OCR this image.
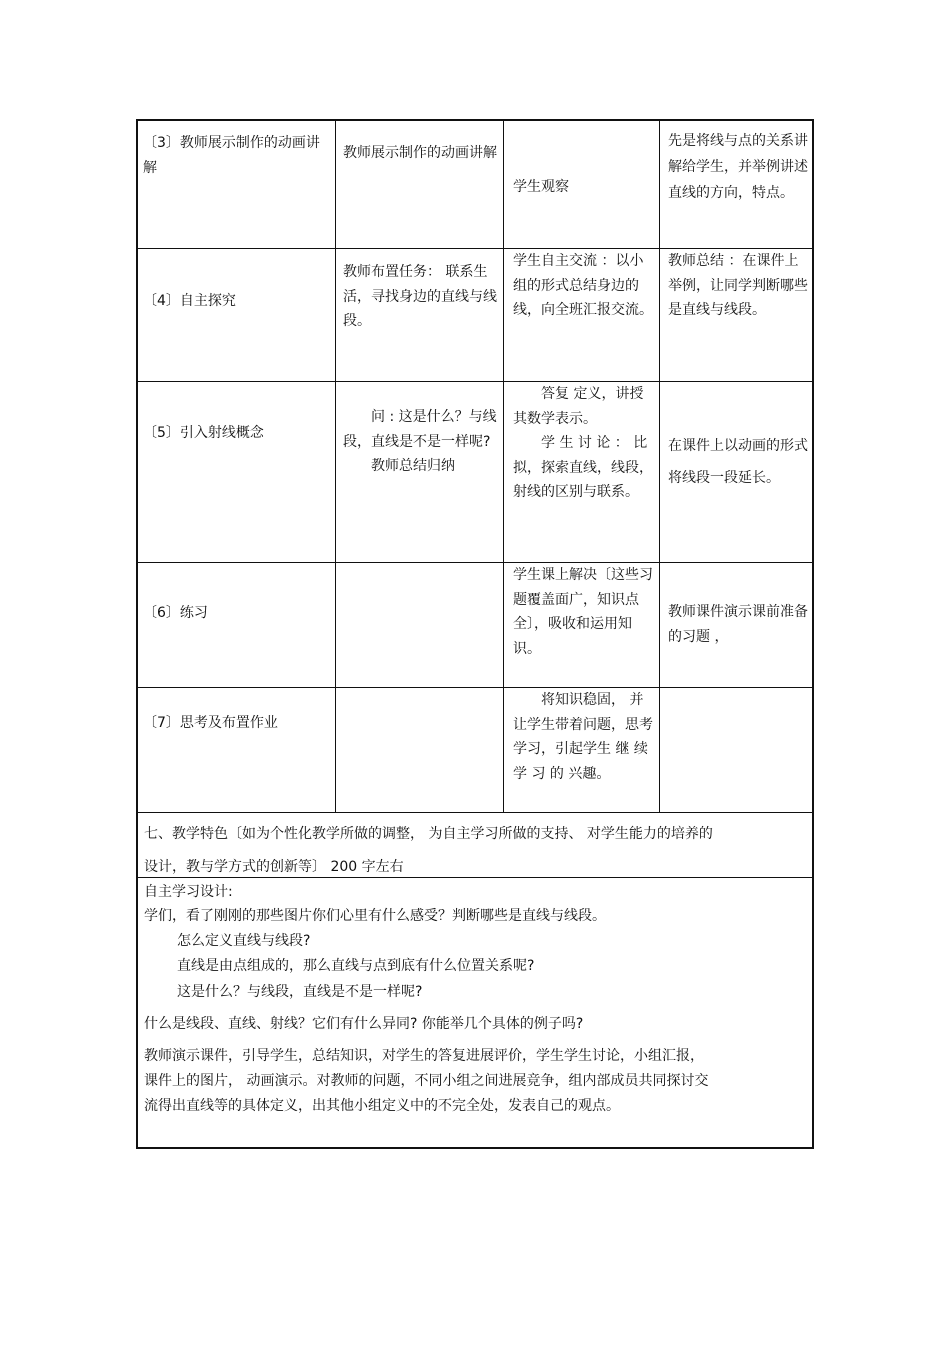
〔3〕教师展示制作的动画讲解

教师展示制作的动画讲解

学生观察

先是将线与点的关系讲解给学生，并举例讲述直线的方向，特点。

〔4〕自主探究

教师布置任务： 联系生活，寻找身边的直线与线段。

学生自主交流 ：以小组的形式总结身边的线，向全班汇报交流。

教师总结 ：在课件上举例，让同学判断哪些是直线与线段。

〔5〕引入射线概念

问 : 这是什么？与线段，直线是不是一样呢?

教师总结归纳

答复 定义，讲授其数学表示。

学 生 讨 论 ： 比拟，探索直线，线段，射线的区别与联系。

在课件上以动画的形式将线段一段延长。

〔6〕练习

学生课上解决〔这些习题覆盖面广，知识点全〕，吸收和运用知识。

教师课件演示课前准备的习题 ，

〔7〕思考及布置作业

将知识稳固， 并让学生带着问题，思考学习，引起学生 继 续 学 习 的 兴趣。

七、教学特色〔如为个性化教学所做的调整， 为自主学习所做的支持、 对学生能力的培养的
设计，教与学方式的创新等〕 200 字左右
自主学习设计:
学们，看了刚刚的那些图片你们心里有什么感受？判断哪些是直线与线段。
怎么定义直线与线段?
直线是由点组成的，那么直线与点到底有什么位置关系呢?
这是什么？与线段，直线是不是一样呢?
什么是线段、直线、射线？它们有什么异同? 你能举几个具体的例子吗?
教师演示课件，引导学生，总结知识，对学生的答复进展评价，学生学生讨论，小组汇报，
课件上的图片， 动画演示。对教师的问题，不同小组之间进展竞争，组内部成员共同探讨交
流得出直线等的具体定义，出其他小组定义中的不完全处，发表自己的观点。
